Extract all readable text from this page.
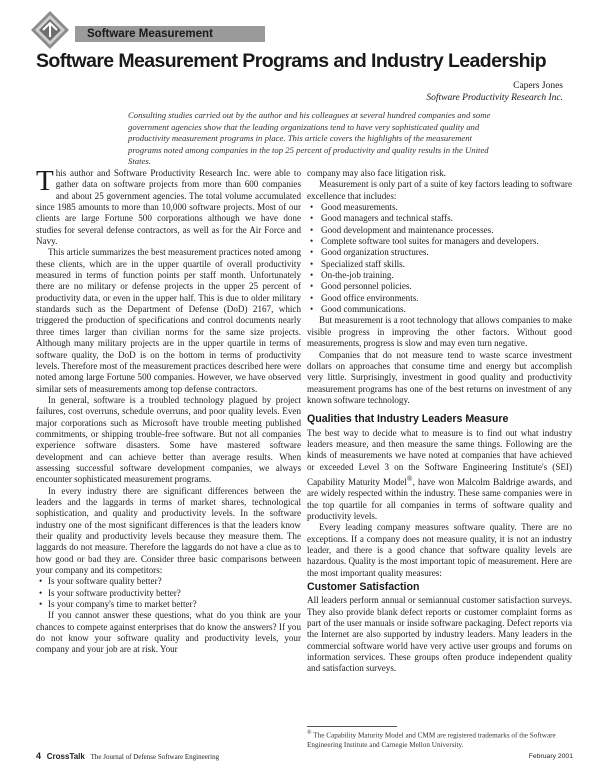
Software Measurement
Software Measurement Programs and Industry Leadership
Capers Jones
Software Productivity Research Inc.
Consulting studies carried out by the author and his colleagues at several hundred companies and some government agencies show that the leading organizations tend to have very sophisticated quality and productivity measurement programs in place. This article covers the highlights of the measurement programs noted among companies in the top 25 percent of productivity and quality results in the United States.

This author and Software Productivity Research Inc. were able to gather data on software projects from more than 600 companies and about 25 government agencies. The total volume accumulated since 1985 amounts to more than 10,000 software projects. Most of our clients are large Fortune 500 corporations although we have done studies for several defense contractors, as well as for the Air Force and Navy.

This article summarizes the best measurement practices noted among these clients, which are in the upper quartile of overall productivity measured in terms of function points per staff month. Unfortunately there are no military or defense projects in the upper 25 percent of productivity data, or even in the upper half. This is due to older military standards such as the Department of Defense (DoD) 2167, which triggered the production of specifications and control documents nearly three times larger than civilian norms for the same size projects. Although many military projects are in the upper quartile in terms of software quality, the DoD is on the bottom in terms of productivity levels. Therefore most of the measurement practices described here were noted among large Fortune 500 companies. However, we have observed similar sets of measurements among top defense contractors.

In general, software is a troubled technology plagued by project failures, cost overruns, schedule overruns, and poor quality levels. Even major corporations such as Microsoft have trouble meeting published commitments, or shipping trouble-free software. But not all companies experience software disasters. Some have mastered software development and can achieve better than average results. When assessing successful software development companies, we always encounter sophisticated measurement programs.

In every industry there are significant differences between the leaders and the laggards in terms of market shares, technological sophistication, and quality and productivity levels. In the software industry one of the most significant differences is that the leaders know their quality and productivity levels because they measure them. The laggards do not measure. Therefore the laggards do not have a clue as to how good or bad they are. Consider three basic comparisons between your company and its competitors:

• Is your software quality better?
• Is your software productivity better?
• Is your company's time to market better?

If you cannot answer these questions, what do you think are your chances to compete against enterprises that do know the answers? If you do not know your software quality and productivity levels, your company and your job are at risk. Your

company may also face litigation risk.

Measurement is only part of a suite of key factors leading to software excellence that includes:

• Good measurements.
• Good managers and technical staffs.
• Good development and maintenance processes.
• Complete software tool suites for managers and developers.
• Good organization structures.
• Specialized staff skills.
• On-the-job training.
• Good personnel policies.
• Good office environments.
• Good communications.

But measurement is a root technology that allows companies to make visible progress in improving the other factors. Without good measurements, progress is slow and may even turn negative.

Companies that do not measure tend to waste scarce investment dollars on approaches that consume time and energy but accomplish very little. Surprisingly, investment in good quality and productivity measurement programs has one of the best returns on investment of any known software technology.

Qualities that Industry Leaders Measure

The best way to decide what to measure is to find out what industry leaders measure, and then measure the same things. Following are the kinds of measurements we have noted at companies that have achieved or exceeded Level 3 on the Software Engineering Institute's (SEI) Capability Maturity Model®, have won Malcolm Baldrige awards, and are widely respected within the industry. These same companies were in the top quartile for all companies in terms of software quality and productivity levels.

Every leading company measures software quality. There are no exceptions. If a company does not measure quality, it is not an industry leader, and there is a good chance that software quality levels are hazardous. Quality is the most important topic of measurement. Here are the most important quality measures:

Customer Satisfaction

All leaders perform annual or semiannual customer satisfaction surveys. They also provide blank defect reports or customer complaint forms as part of the user manuals or inside software packaging. Defect reports via the Internet are also supported by industry leaders. Many leaders in the commercial software world have very active user groups and forums on information services. These groups often produce independent quality and satisfaction surveys.

® The Capability Maturity Model and CMM are registered trademarks of the Software Engineering Institute and Carnegie Mellon University.
4 CrossTalk The Journal of Defense Software Engineering	February 2001
